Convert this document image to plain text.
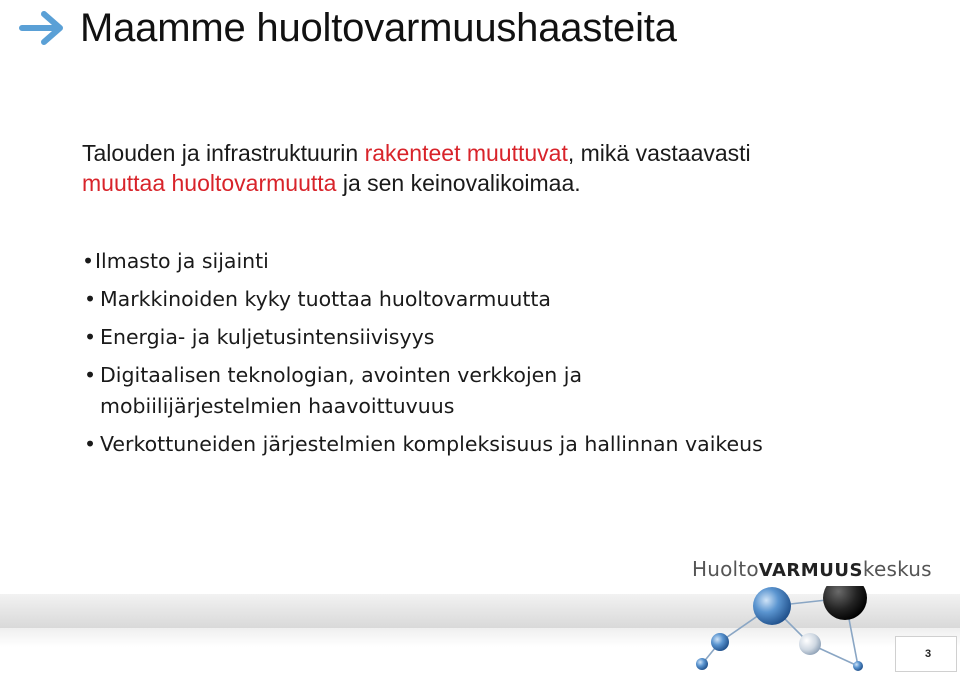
Maamme huoltovarmuushaasteita
Talouden ja infrastruktuurin rakenteet muuttuvat, mikä vastaavasti
muuttaa huoltovarmuutta ja sen keinovalikoimaa.
• Ilmasto ja sijainti
• Markkinoiden kyky tuottaa huoltovarmuutta
• Energia- ja kuljetusintensiivisyys
• Digitaalisen teknologian, avointen verkkojen ja mobiilijärjestelmien haavoittuvuus
• Verkottuneiden järjestelmien kompleksisuus ja hallinnan vaikeus
HuoltoVARMUUSkeskus
3
